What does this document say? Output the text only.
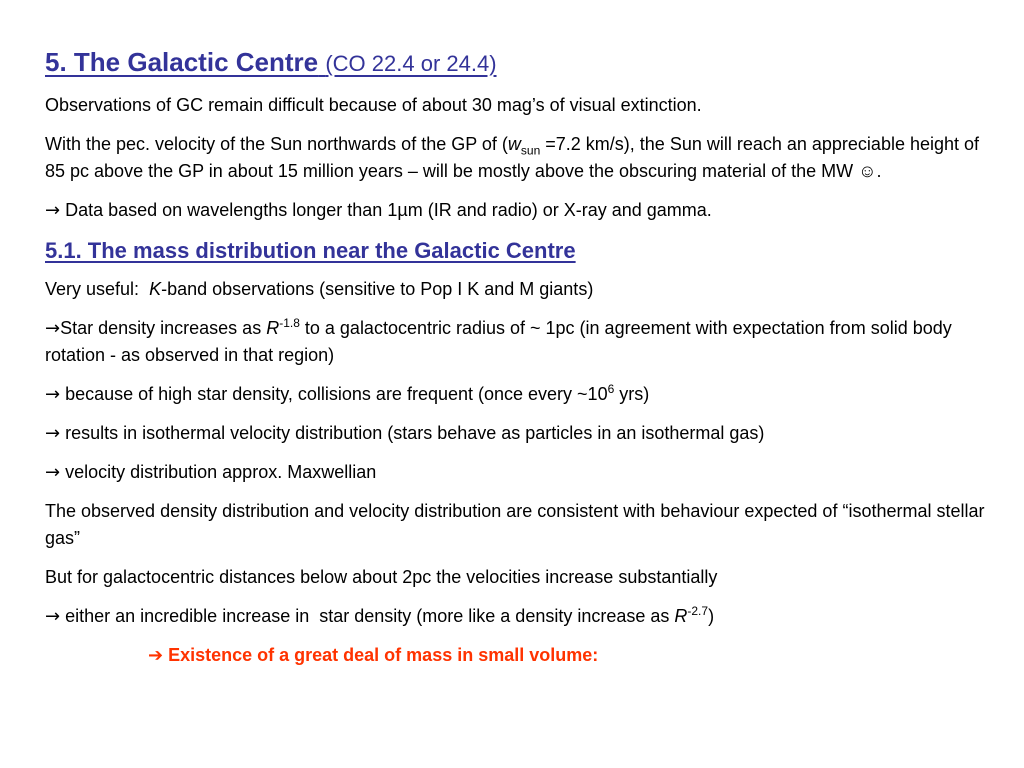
5. The Galactic Centre (CO 22.4 or 24.4)

Observations of GC remain difficult because of about 30 mag’s of visual extinction.

With the pec. velocity of the Sun northwards of the GP of ($w_{sun} =7.2$ km/s), the Sun will reach an appreciable height of 85 pc above the GP in about 15 million years – will be mostly above the obscuring material of the MW ☺.

→ Data based on wavelengths longer than 1µm (IR and radio) or X-ray and gamma.

5.1. The mass distribution near the Galactic Centre

Very useful:  K-band observations (sensitive to Pop I K and M giants)

→Star density increases as $R^{-1.8}$ to a galactocentric radius of ~ 1pc (in agreement with expectation from solid body rotation - as observed in that region)

→ because of high star density, collisions are frequent (once every $\sim 10^6$ yrs)

→ results in isothermal velocity distribution (stars behave as particles in an isothermal gas)

→ velocity distribution approx. Maxwellian

The observed density distribution and velocity distribution are consistent with behaviour expected of “isothermal stellar gas”

But for galactocentric distances below about 2pc the velocities increase substantially

→ either an incredible increase in  star density (more like a density increase as $R^{-2.7}$)

➔ Existence of a great deal of mass in small volume:
